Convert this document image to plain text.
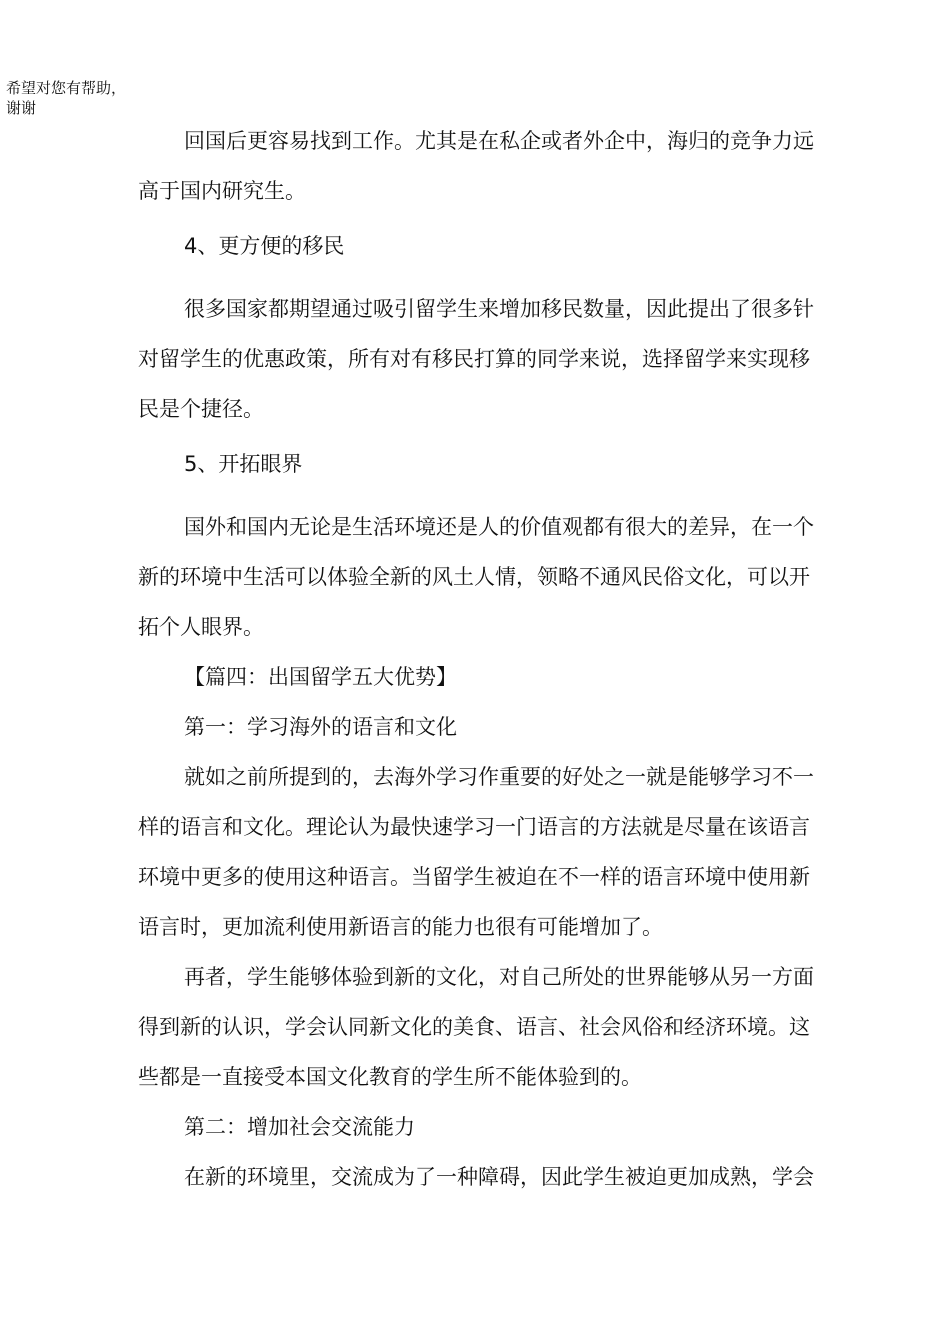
希望对您有帮助，
谢谢

回国后更容易找到工作。尤其是在私企或者外企中，海归的竞争力远

高于国内研究生。

4、更方便的移民

很多国家都期望通过吸引留学生来增加移民数量，因此提出了很多针

对留学生的优惠政策，所有对有移民打算的同学来说，选择留学来实现移

民是个捷径。

5、开拓眼界

国外和国内无论是生活环境还是人的价值观都有很大的差异，在一个

新的环境中生活可以体验全新的风土人情，领略不通风民俗文化，可以开

拓个人眼界。

【篇四：出国留学五大优势】

第一：学习海外的语言和文化

就如之前所提到的，去海外学习作重要的好处之一就是能够学习不一

样的语言和文化。理论认为最快速学习一门语言的方法就是尽量在该语言

环境中更多的使用这种语言。当留学生被迫在不一样的语言环境中使用新

语言时，更加流利使用新语言的能力也很有可能增加了。

再者，学生能够体验到新的文化，对自己所处的世界能够从另一方面

得到新的认识，学会认同新文化的美食、语言、社会风俗和经济环境。这

些都是一直接受本国文化教育的学生所不能体验到的。

第二：增加社会交流能力

在新的环境里，交流成为了一种障碍，因此学生被迫更加成熟，学会
